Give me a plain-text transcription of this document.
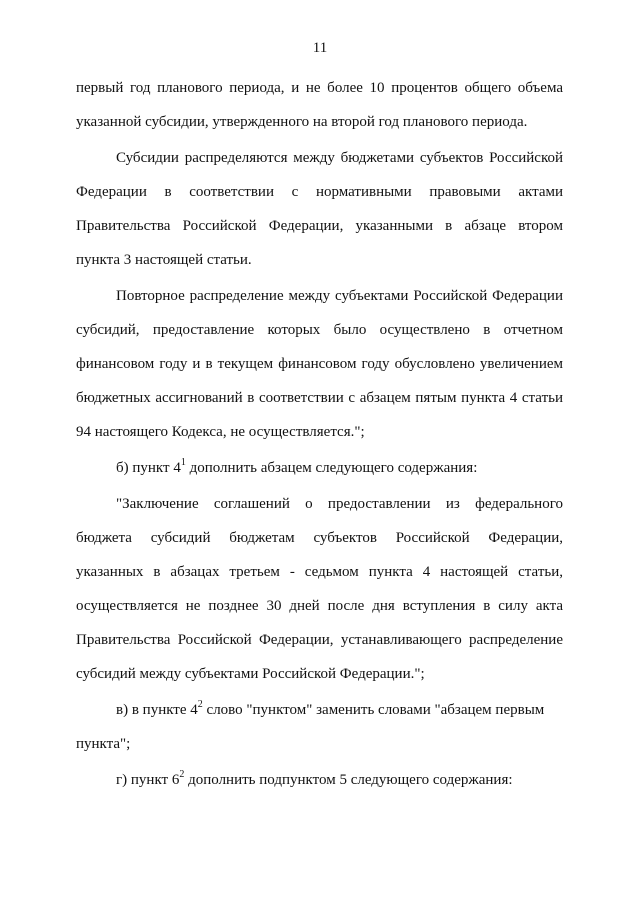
11
первый год планового периода, и не более 10 процентов общего объема
указанной субсидии, утвержденного на второй год планового периода.
Субсидии распределяются между бюджетами субъектов Российской
Федерации в соответствии с нормативными правовыми актами
Правительства Российской Федерации, указанными в абзаце втором
пункта 3 настоящей статьи.
Повторное распределение между субъектами Российской Федерации
субсидий, предоставление которых было осуществлено в отчетном
финансовом году и в текущем финансовом году обусловлено увеличением
бюджетных ассигнований в соответствии с абзацем пятым пункта 4 статьи
94 настоящего Кодекса, не осуществляется.";
б) пункт $4^1$ дополнить абзацем следующего содержания:
"Заключение соглашений о предоставлении из федерального
бюджета субсидий бюджетам субъектов Российской Федерации,
указанных в абзацах третьем - седьмом пункта 4 настоящей статьи,
осуществляется не позднее 30 дней после дня вступления в силу акта
Правительства Российской Федерации, устанавливающего распределение
субсидий между субъектами Российской Федерации.";
в) в пункте $4^2$ слово "пунктом" заменить словами "абзацем первым
пункта";
г) пункт $6^2$ дополнить подпунктом 5 следующего содержания:
